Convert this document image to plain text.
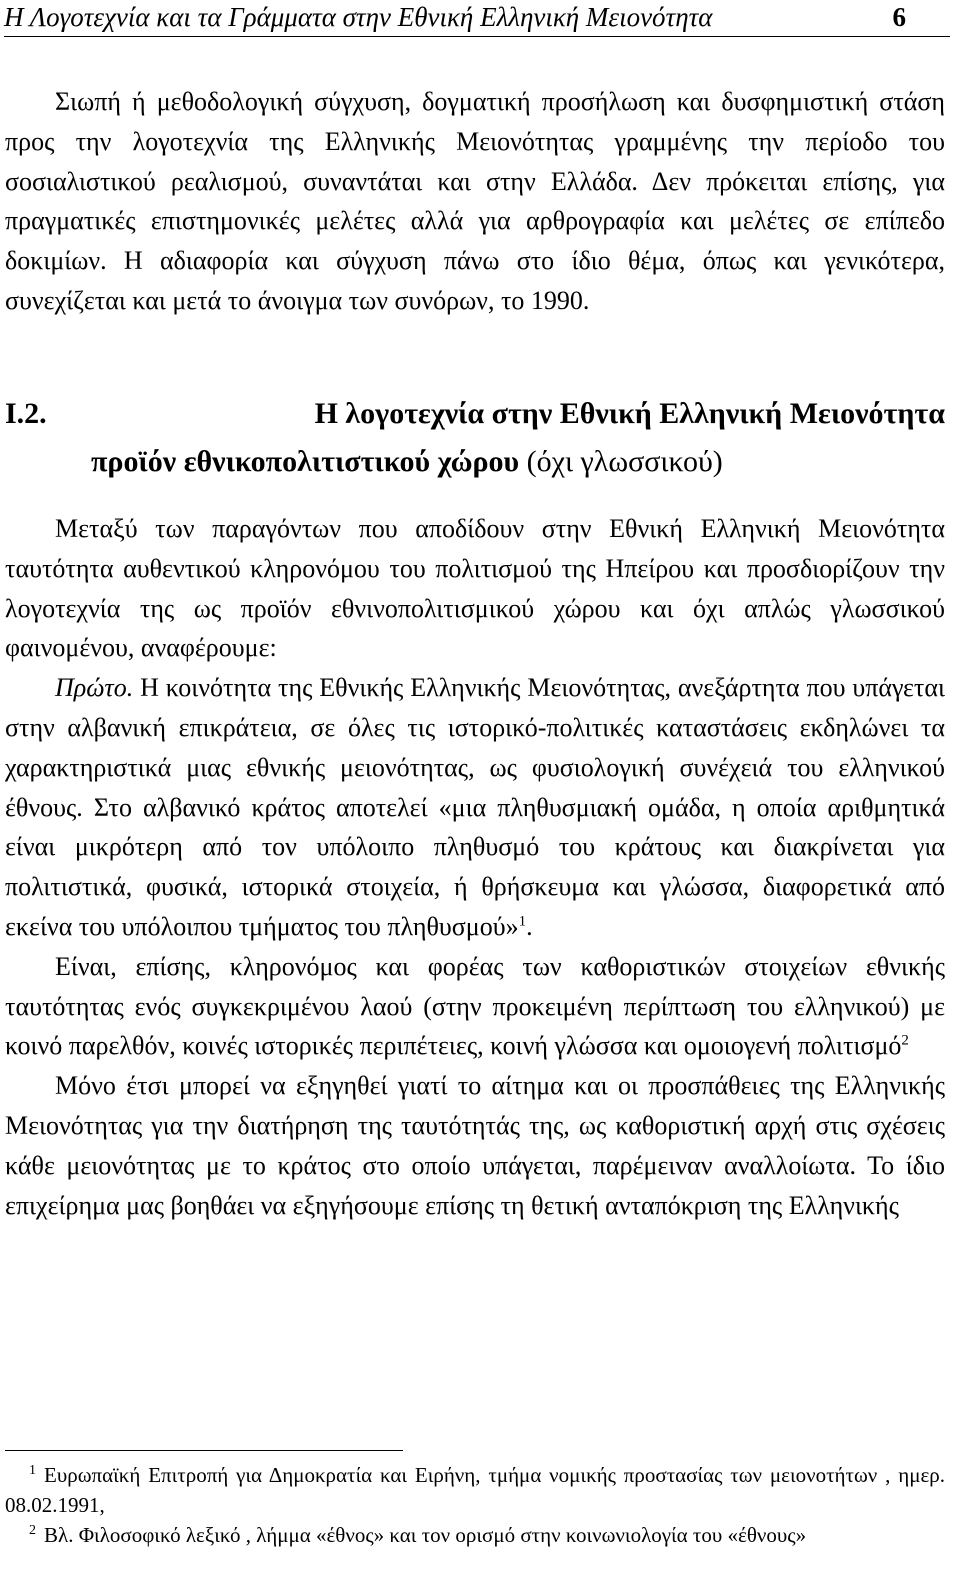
Η Λογοτεχνία και τα Γράμματα στην Εθνική Ελληνική Μειονότητα	6

Σιωπή ή μεθοδολογική σύγχυση, δογματική προσήλωση και δυσφημιστική στάση προς την λογοτεχνία της Ελληνικής Μειονότητας γραμμένης την περίοδο του σοσιαλιστικού ρεαλισμού, συναντάται και στην Ελλάδα. Δεν πρόκειται επίσης, για πραγματικές επιστημονικές μελέτες αλλά για αρθρογραφία και μελέτες σε επίπεδο δοκιμίων. Η αδιαφορία και σύγχυση πάνω στο ίδιο θέμα, όπως και γενικότερα, συνεχίζεται και μετά το άνοιγμα των συνόρων, το 1990.

I.2.	Η λογοτεχνία στην Εθνική Ελληνική Μειονότητα
προϊόν εθνικοπολιτιστικού χώρου (όχι γλωσσικού)

Μεταξύ των παραγόντων που αποδίδουν στην Εθνική Ελληνική Μειονότητα ταυτότητα αυθεντικού κληρονόμου του πολιτισμού της Ηπείρου και προσδιορίζουν την λογοτεχνία της ως προϊόν εθνινοπολιτισμικού χώρου και όχι απλώς γλωσσικού φαινομένου, αναφέρουμε:

Πρώτο. Η κοινότητα της Εθνικής Ελληνικής Μειονότητας, ανεξάρτητα που υπάγεται στην αλβανική επικράτεια, σε όλες τις ιστορικό-πολιτικές καταστάσεις εκδηλώνει τα χαρακτηριστικά μιας εθνικής μειονότητας, ως φυσιολογική συνέχειά του ελληνικού έθνους. Στο αλβανικό κράτος αποτελεί «μια πληθυσμιακή ομάδα, η οποία αριθμητικά είναι μικρότερη από τον υπόλοιπο πληθυσμό του κράτους και διακρίνεται για πολιτιστικά, φυσικά, ιστορικά στοιχεία, ή θρήσκευμα και γλώσσα, διαφορετικά από εκείνα του υπόλοιπου τμήματος του πληθυσμού»$^1$.

Είναι, επίσης, κληρονόμος και φορέας των καθοριστικών στοιχείων εθνικής ταυτότητας ενός συγκεκριμένου λαού (στην προκειμένη περίπτωση του ελληνικού) με κοινό παρελθόν, κοινές ιστορικές περιπέτειες, κοινή γλώσσα και ομοιογενή πολιτισμό$^2$

Μόνο έτσι μπορεί να εξηγηθεί γιατί το αίτημα και οι προσπάθειες της Ελληνικής Μειονότητας για την διατήρηση της ταυτότητάς της, ως καθοριστική αρχή στις σχέσεις κάθε μειονότητας με το κράτος στο οποίο υπάγεται, παρέμειναν αναλλοίωτα. Το ίδιο επιχείρημα μας βοηθάει να εξηγήσουμε επίσης τη θετική ανταπόκριση της Ελληνικής

$^1$ Ευρωπαϊκή Επιτροπή για Δημοκρατία και Ειρήνη, τμήμα νομικής προστασίας των μειονοτήτων , ημερ. 08.02.1991,

$^2$ Βλ. Φιλοσοφικό λεξικό , λήμμα «έθνος» και τον ορισμό στην κοινωνιολογία του «έθνους»
